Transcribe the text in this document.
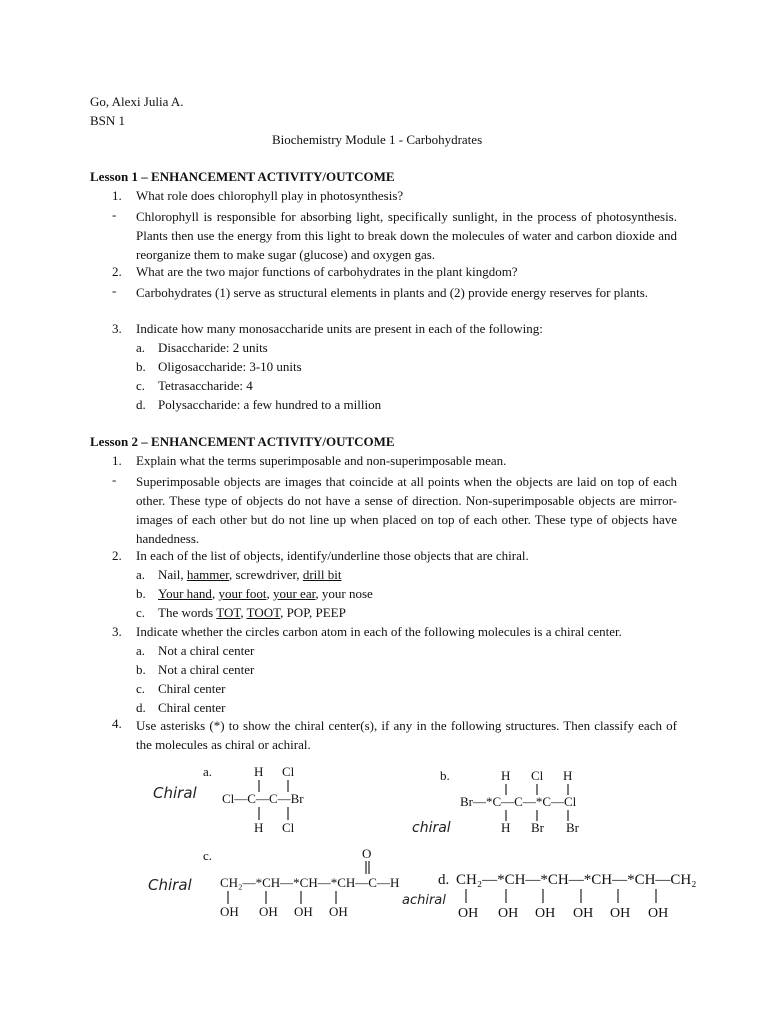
Go, Alexi Julia A.
BSN 1
Biochemistry Module 1 - Carbohydrates
Lesson 1 – ENHANCEMENT ACTIVITY/OUTCOME
1. What role does chlorophyll play in photosynthesis?
- Chlorophyll is responsible for absorbing light, specifically sunlight, in the process of photosynthesis. Plants then use the energy from this light to break down the molecules of water and carbon dioxide and reorganize them to make sugar (glucose) and oxygen gas.
2. What are the two major functions of carbohydrates in the plant kingdom?
- Carbohydrates (1) serve as structural elements in plants and (2) provide energy reserves for plants.
3. Indicate how many monosaccharide units are present in each of the following:
a. Disaccharide: 2 units
b. Oligosaccharide: 3-10 units
c. Tetrasaccharide: 4
d. Polysaccharide: a few hundred to a million
Lesson 2 – ENHANCEMENT ACTIVITY/OUTCOME
1. Explain what the terms superimposable and non-superimposable mean.
- Superimposable objects are images that coincide at all points when the objects are laid on top of each other. These type of objects do not have a sense of direction. Non-superimposable objects are mirror-images of each other but do not line up when placed on top of each other. These type of objects have handedness.
2. In each of the list of objects, identify/underline those objects that are chiral.
a. Nail, hammer, screwdriver, drill bit
b. Your hand, your foot, your ear, your nose
c. The words TOT, TOOT, POP, PEEP
3. Indicate whether the circles carbon atom in each of the following molecules is a chiral center.
a. Not a chiral center
b. Not a chiral center
c. Chiral center
d. Chiral center
4. Use asterisks (*) to show the chiral center(s), if any in the following structures. Then classify each of the molecules as chiral or achiral.
Chiral
chiral
Chiral
achiral
a.	H Cl
Cl—C—C—Br
H Cl
b.	H Cl H
Br—*C—C—*C—Cl
H Br Br
c.	O
CH₂—*CH—*CH—*CH—C—H
OH OH OH OH
d. CH₂—*CH—*CH—*CH—*CH—CH₂
OH OH OH OH OH OH
